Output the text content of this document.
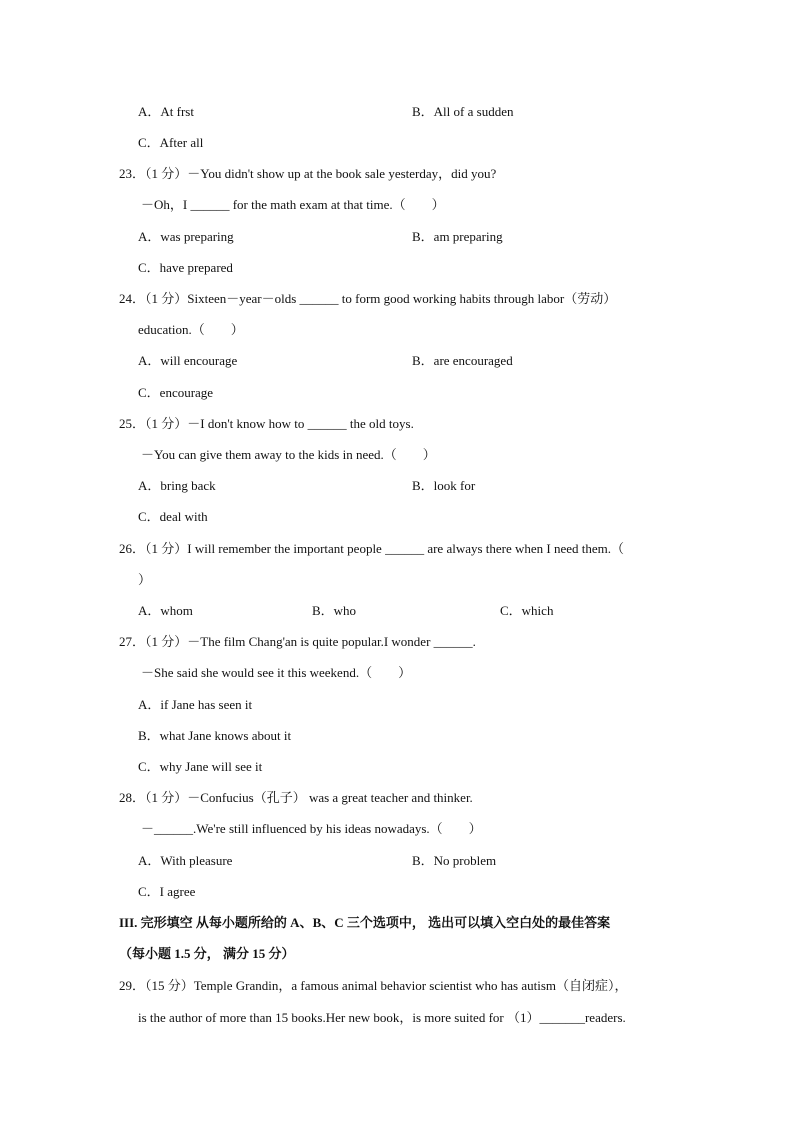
A．At frst	B．All of a sudden
C．After all
23．（1 分）－You didn't show up at the book sale yesterday，did you?
－Oh，I ______ for the math exam at that time.（　　）
A．was preparing	B．am preparing
C．have prepared
24．（1 分）Sixteen－year－olds ______ to form good working habits through labor（劳动）
education.（　　）
A．will encourage	B．are encouraged
C．encourage
25．（1 分）－I don't know how to ______ the old toys.
－You can give them away to the kids in need.（　　）
A．bring back	B．look for
C．deal with
26．（1 分）I will remember the important people ______ are always there when I need them.（
）
A．whom	B．who	C．which
27．（1 分）－The film Chang'an is quite popular.I wonder ______.
－She said she would see it this weekend.（　　）
A．if Jane has seen it
B．what Jane knows about it
C．why Jane will see it
28．（1 分）－Confucius（孔子） was a great teacher and thinker.
－______.We're still influenced by his ideas nowadays.（　　）
A．With pleasure	B．No problem
C．I agree
III. 完形填空 从每小题所给的 A、B、C 三个选项中， 选出可以填入空白处的最佳答案
（每小题 1.5 分， 满分 15 分）
29．（15 分）Temple Grandin，a famous animal behavior scientist who has autism（自闭症），
is the author of more than 15 books.Her new book，is more suited for （1）_______readers.
